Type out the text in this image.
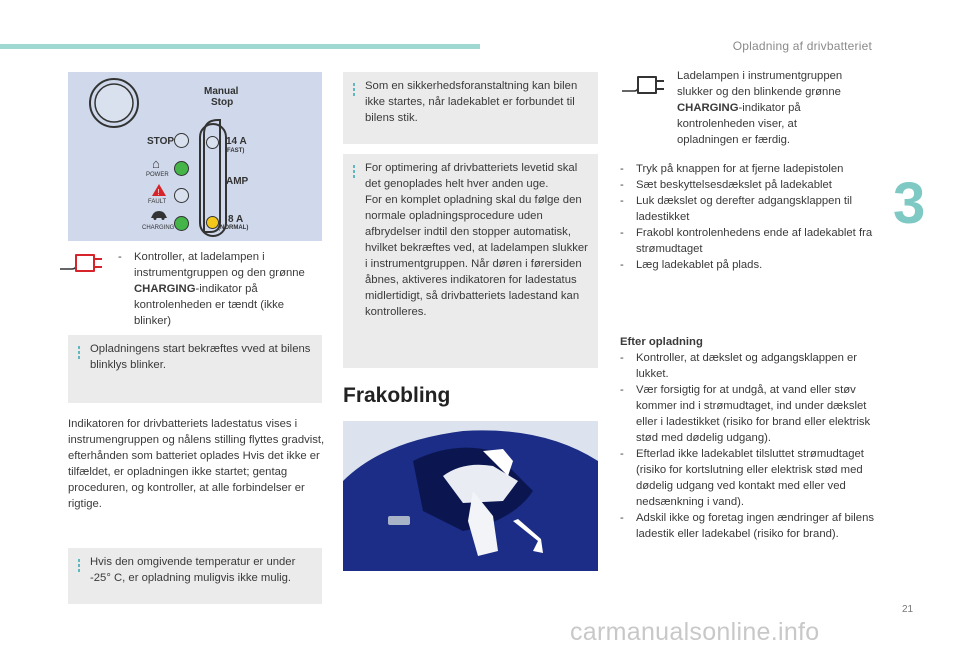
Opladning af drivbatteriet
3
Manual
Stop
STOP
⌂
POWER
!
FAULT
CHARGING
14 A
(FAST)
AMP
8 A
(NORMAL)
- Kontroller, at ladelampen i instrumentgruppen og den grønne CHARGING-indikator på kontrolenheden er tændt (ikke blinker)
Opladningens start bekræftes vved at bilens blinklys blinker.
Indikatoren for drivbatteriets ladestatus vises i instrumengruppen og nålens stilling flyttes gradvist, efterhånden som batteriet oplades Hvis det ikke er tilfældet, er opladningen ikke startet; gentag proceduren, og kontroller, at alle forbindelser er rigtige.
Hvis den omgivende temperatur er under -25° C, er opladning muligvis ikke mulig.
Som en sikkerhedsforanstaltning kan bilen ikke startes, når ladekablet er forbundet til bilens stik.

For optimering af drivbatteriets levetid skal det genoplades helt hver anden uge.

For en komplet opladning skal du følge den normale opladningsprocedure uden afbrydelser indtil den stopper automatisk, hvilket bekræftes ved, at ladelampen slukker i instrumentgruppen. Når døren i førersiden åbnes, aktiveres indikatoren for ladestatus midlertidigt, så drivbatteriets ladestand kan kontrolleres.

Frakobling
Ladelampen i instrumentgruppen slukker og den blinkende grønne CHARGING-indikator på kontrolenheden viser, at opladningen er færdig.
- Tryk på knappen for at fjerne ladepistolen
- Sæt beskyttelsesdækslet på ladekablet
- Luk dækslet og derefter adgangsklappen til ladestikket
- Frakobl kontrolenhedens ende af ladekablet fra strømudtaget
- Læg ladekablet på plads.

Efter opladning

- Kontroller, at dækslet og adgangsklappen er lukket.
- Vær forsigtig for at undgå, at vand eller støv kommer ind i strømudtaget, ind under dækslet eller i ladestikket (risiko for brand eller elektrisk stød med dødelig udgang).
- Efterlad ikke ladekablet tilsluttet strømudtaget (risiko for kortslutning eller elektrisk stød med dødelig udgang ved kontakt med eller ved nedsænkning i vand).
- Adskil ikke og foretag ingen ændringer af bilens ladestik eller ladekabel (risiko for brand).
21
carmanualsonline.info
